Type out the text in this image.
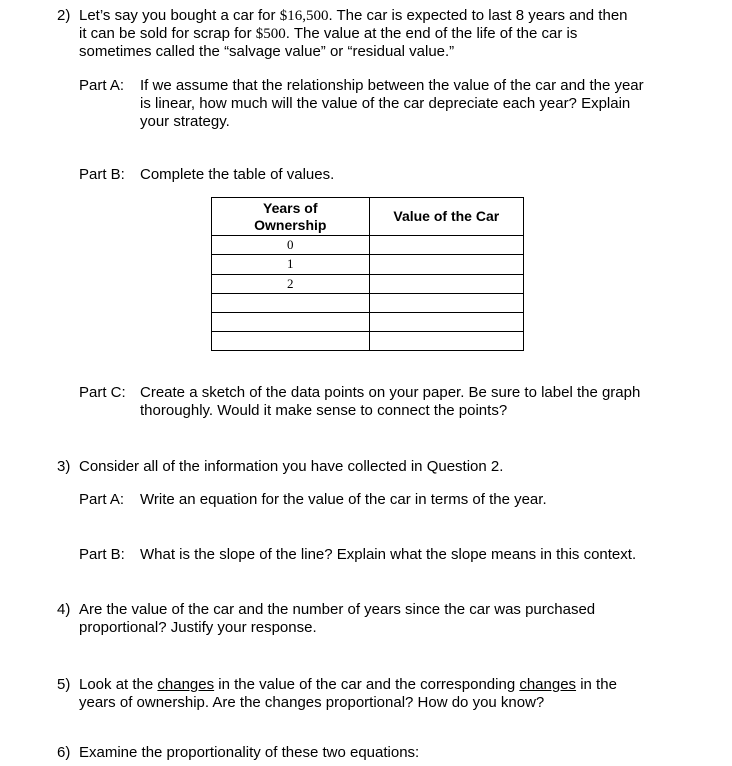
2) Let’s say you bought a car for $16,500. The car is expected to last 8 years and then
it can be sold for scrap for $500. The value at the end of the life of the car is
sometimes called the “salvage value” or “residual value.”
Part A: If we assume that the relationship between the value of the car and the year
is linear, how much will the value of the car depreciate each year? Explain
your strategy.
Part B: Complete the table of values.
Years of
Ownership	Value of the Car
0	
1	
2	

Part C: Create a sketch of the data points on your paper. Be sure to label the graph
thoroughly. Would it make sense to connect the points?
3) Consider all of the information you have collected in Question 2.
Part A: Write an equation for the value of the car in terms of the year.
Part B: What is the slope of the line? Explain what the slope means in this context.
4) Are the value of the car and the number of years since the car was purchased
proportional? Justify your response.
5) Look at the changes in the value of the car and the corresponding changes in the
years of ownership. Are the changes proportional? How do you know?
6) Examine the proportionality of these two equations:
